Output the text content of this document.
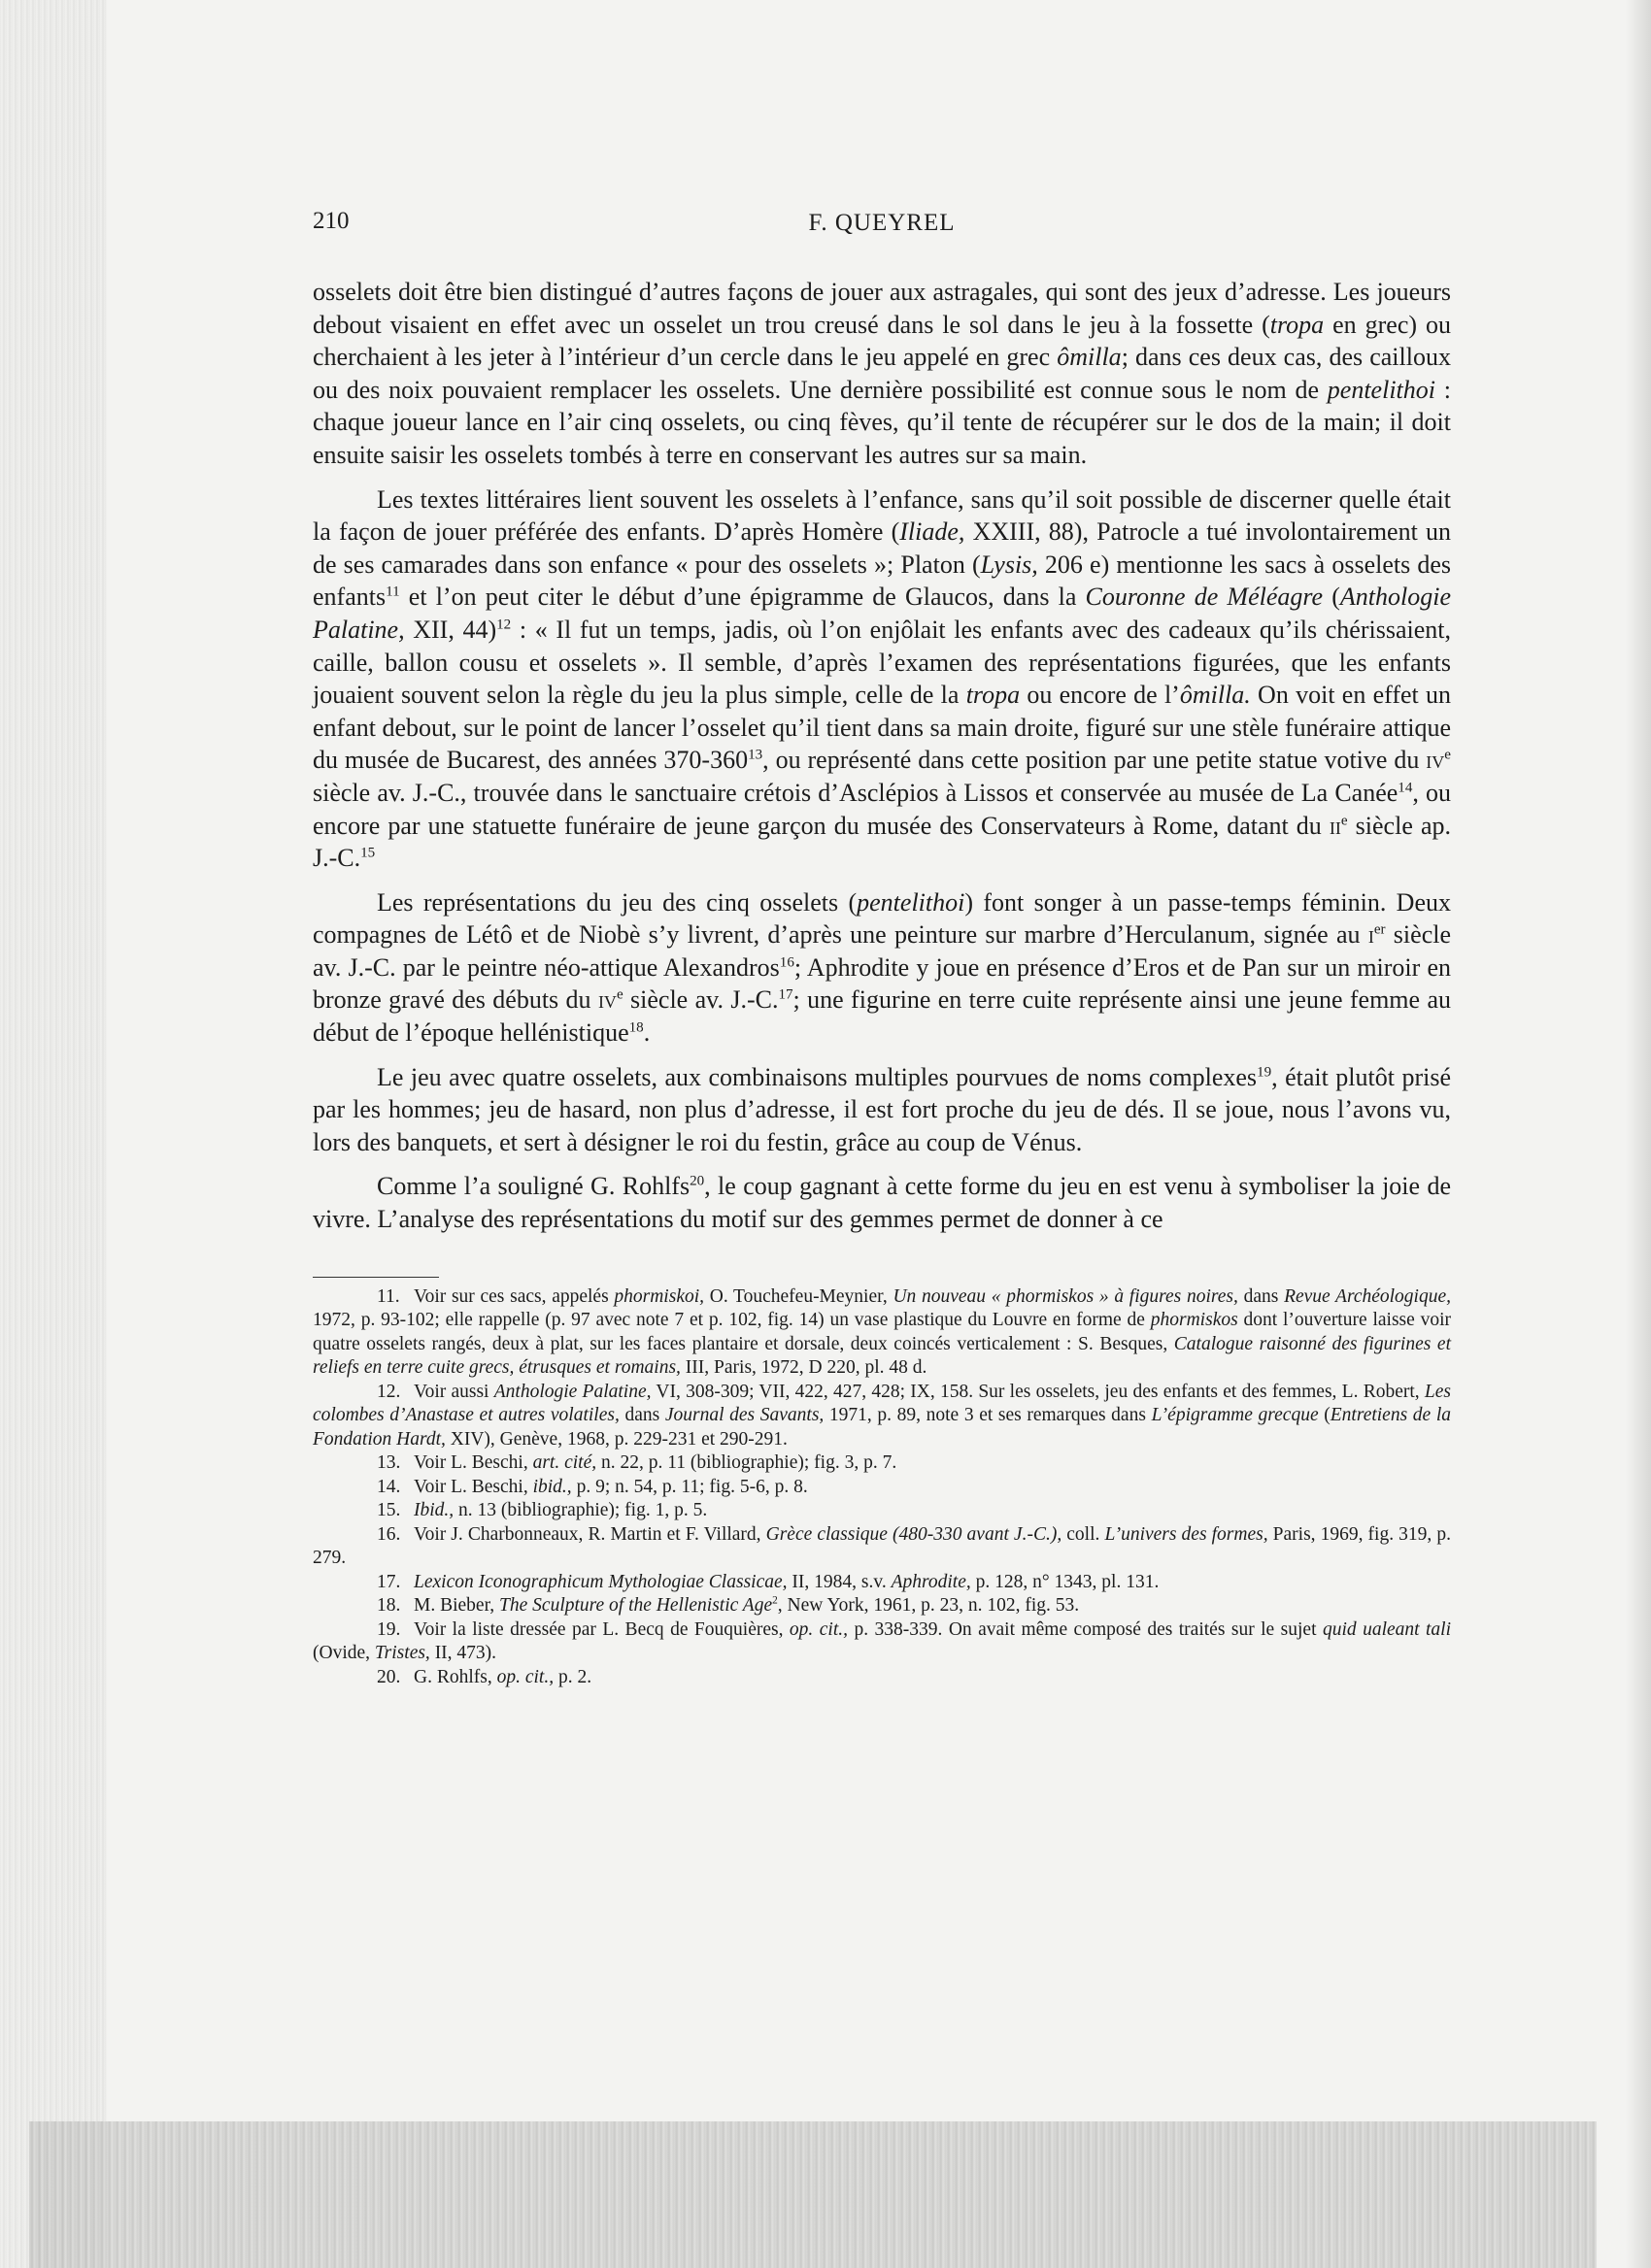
210	F. QUEYREL

osselets doit être bien distingué d’autres façons de jouer aux astragales, qui sont des jeux d’adresse. Les joueurs debout visaient en effet avec un osselet un trou creusé dans le sol dans le jeu à la fossette (tropa en grec) ou cherchaient à les jeter à l’intérieur d’un cercle dans le jeu appelé en grec ômilla; dans ces deux cas, des cailloux ou des noix pouvaient remplacer les osselets. Une dernière possibilité est connue sous le nom de pentelithoi : chaque joueur lance en l’air cinq osselets, ou cinq fèves, qu’il tente de récupérer sur le dos de la main; il doit ensuite saisir les osselets tombés à terre en conservant les autres sur sa main.

Les textes littéraires lient souvent les osselets à l’enfance, sans qu’il soit possible de discerner quelle était la façon de jouer préférée des enfants. D’après Homère (Iliade, XXIII, 88), Patrocle a tué involontairement un de ses camarades dans son enfance « pour des osselets »; Platon (Lysis, 206 e) mentionne les sacs à osselets des enfants$^{11}$ et l’on peut citer le début d’une épigramme de Glaucos, dans la Couronne de Méléagre (Anthologie Palatine, XII, 44)$^{12}$ : « Il fut un temps, jadis, où l’on enjôlait les enfants avec des cadeaux qu’ils chérissaient, caille, ballon cousu et osselets ». Il semble, d’après l’examen des représentations figurées, que les enfants jouaient souvent selon la règle du jeu la plus simple, celle de la tropa ou encore de l’ômilla. On voit en effet un enfant debout, sur le point de lancer l’osselet qu’il tient dans sa main droite, figuré sur une stèle funéraire attique du musée de Bucarest, des années $370-360^{13}$, ou représenté dans cette position par une petite statue votive du $iv^e$ siècle av. J.-C., trouvée dans le sanctuaire crétois d’Asclépios à Lissos et conservée au musée de La Canée$^{14}$, ou encore par une statuette funéraire de jeune garçon du musée des Conservateurs à Rome, datant du $ii^e$ siècle ap. J.-C.$^{15}$

Les représentations du jeu des cinq osselets (pentelithoi) font songer à un passe-temps féminin. Deux compagnes de Létô et de Niobè s’y livrent, d’après une peinture sur marbre d’Herculanum, signée au $i^{er}$ siècle av. J.-C. par le peintre néo-attique Alexandros$^{16}$; Aphrodite y joue en présence d’Eros et de Pan sur un miroir en bronze gravé des débuts du $iv^e$ siècle av. J.-C.$^{17}$; une figurine en terre cuite représente ainsi une jeune femme au début de l’époque hellénistique$^{18}$.

Le jeu avec quatre osselets, aux combinaisons multiples pourvues de noms complexes$^{19}$, était plutôt prisé par les hommes; jeu de hasard, non plus d’adresse, il est fort proche du jeu de dés. Il se joue, nous l’avons vu, lors des banquets, et sert à désigner le roi du festin, grâce au coup de Vénus.

Comme l’a souligné G. Rohlfs$^{20}$, le coup gagnant à cette forme du jeu en est venu à symboliser la joie de vivre. L’analyse des représentations du motif sur des gemmes permet de donner à ce

11. Voir sur ces sacs, appelés phormiskoi, O. Touchefeu-Meynier, Un nouveau « phormiskos » à figures noires, dans Revue Archéologique, 1972, p. 93-102; elle rappelle (p. 97 avec note 7 et p. 102, fig. 14) un vase plastique du Louvre en forme de phormiskos dont l’ouverture laisse voir quatre osselets rangés, deux à plat, sur les faces plantaire et dorsale, deux coincés verticalement : S. Besques, Catalogue raisonné des figurines et reliefs en terre cuite grecs, étrusques et romains, III, Paris, 1972, D 220, pl. 48 d.

12. Voir aussi Anthologie Palatine, VI, 308-309; VII, 422, 427, 428; IX, 158. Sur les osselets, jeu des enfants et des femmes, L. Robert, Les colombes d’Anastase et autres volatiles, dans Journal des Savants, 1971, p. 89, note 3 et ses remarques dans L’épigramme grecque (Entretiens de la Fondation Hardt, XIV), Genève, 1968, p. 229-231 et 290-291.

13. Voir L. Beschi, art. cité, n. 22, p. 11 (bibliographie); fig. 3, p. 7.

14. Voir L. Beschi, ibid., p. 9; n. 54, p. 11; fig. 5-6, p. 8.

15. Ibid., n. 13 (bibliographie); fig. 1, p. 5.

16. Voir J. Charbonneaux, R. Martin et F. Villard, Grèce classique (480-330 avant J.-C.), coll. L’univers des formes, Paris, 1969, fig. 319, p. 279.

17. Lexicon Iconographicum Mythologiae Classicae, II, 1984, s.v. Aphrodite, p. 128, n° 1343, pl. 131.

18. M. Bieber, The Sculpture of the Hellenistic Age$^2$, New York, 1961, p. 23, n. 102, fig. 53.

19. Voir la liste dressée par L. Becq de Fouquières, op. cit., p. 338-339. On avait même composé des traités sur le sujet quid ualeant tali (Ovide, Tristes, II, 473).

20. G. Rohlfs, op. cit., p. 2.
